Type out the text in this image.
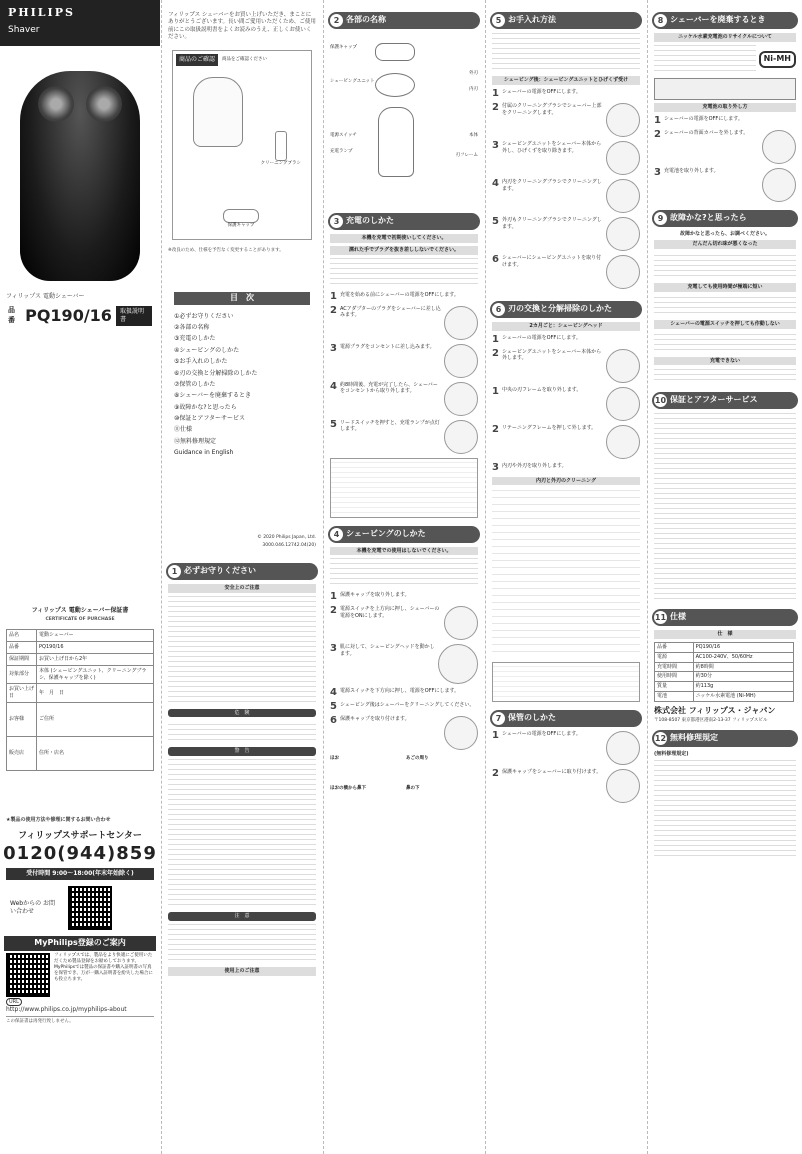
PHILIPS
Shaver
フィリップス 電動シェーバー
品番 PQ190/16	取扱説明書
フィリップス 電動シェーバー保証書
CERTIFICATE OF PURCHASE
品名	電動シェーバー
品番	PQ190/16
保証期間	お買い上げ日から2年
対象部分	本体 (シェービングユニット、クリーニングブラシ、保護キャップを除く)
お買い上げ日	年　月　日
お客様	ご住所
販売店	住所・店名
★製品の使用方法や修理に関するお問い合わせ
フィリップスサポートセンター
0120(944)859
受付時間 9:00〜18:00(年末年始除く)
Webからの お問い合わせ
MyPhilips登録のご案内
フィリップスでは、製品をより快適にご使用いただくため製品登録をお勧めしております。MyPhilipsでは製品の保証書や購入証明書の写真を保管でき、万が一購入証明書を紛失した場合にも役立ちます。
URL
http://www.philips.co.jp/myphilips-about
この保証書は再発行致しません。
フィリップス シェーバーをお買い上げいただき、まことにありがとうございます。長い間ご愛用いただくため、ご使用前にこの取扱説明書をよくお読みのうえ、正しくお使いください。
商品のご確認	商品をご確認ください
クリーニングブラシ
保護キャップ
※改良のため、仕様を予告なく変更することがあります。
目　次
①必ずお守りください
②各部の名称
③充電のしかた
④シェービングのしかた
⑤お手入れのしかた
⑥刃の交換と分解掃除のしかた
⑦保管のしかた
⑧シェーバーを廃棄するとき
⑨故障かな?と思ったら
⑩保証とアフターサービス
⑪仕様
⑫無料修理規定
Guidance in English
© 2020 Philips Japan, Ltd.
3000.046.12742.04(20)
1 必ずお守りください
安全上のご注意
危　険
警　告
注　意
使用上のご注意
2 各部の名称
保護キャップ
シェービングユニット
外刃
内刃
電源スイッチ
充電ランプ
本体
刃フレーム
3 充電のしかた
本機を充電で初期使いしてください。
濡れた手でプラグを抜き差ししないでください。
1 充電を始める前にシェーバーの電源をOFFにします。
2 ACアダプターのプラグをシェーバーに差し込みます。
3 電源プラグをコンセントに差し込みます。
4 約8時間後、充電が完了したら、シェーバーをコンセントから取り外します。
5 リードスイッチを押すと、充電ランプが点灯します。
4 シェービングのしかた
本機を充電での使用はしないでください。
1 保護キャップを取り外します。
2 電源スイッチを上方向に押し、シェーバーの電源をONにします。
3 肌に対して、シェービングヘッドを動かします。
4 電源スイッチを下方向に押し、電源をOFFにします。
5 シェービング後はシェーバーをクリーニングしてください。
6 保護キャップを取り付けます。
ほお	あごの周り
ほおの横から鼻下	鼻の下
5 お手入れ方法
シェービング後：シェービングユニットとひげくず受け
1 シェーバーの電源をOFFにします。
2 付属のクリーニングブラシでシェーバー上部をクリーニングします。
3 シェービングユニットをシェーバー本体から外し、ひげくずを取り除きます。
4 内刃をクリーニングブラシでクリーニングします。
5 外刃もクリーニングブラシでクリーニングします。
6 シェーバーにシェービングユニットを取り付けます。
6 刃の交換と分解掃除のしかた
2カ月ごと：シェービングヘッド
1 シェーバーの電源をOFFにします。
2 シェービングユニットをシェーバー本体から外します。
1 中央の刃フレームを取り外します。
2 リテーニングフレームを押して外します。
3 内刃や外刃を取り外します。
内刃と外刃のクリーニング
7 保管のしかた
1 シェーバーの電源をOFFにします。
2 保護キャップをシェーバーに取り付けます。
8 シェーバーを廃棄するとき
ニッケル水素充電池のリサイクルについて
Ni-MH
充電池の取り外し方
1 シェーバーの電源をOFFにします。
2 シェーバーの背面カバーを外します。
3 充電池を取り外します。
9 故障かな?と思ったら
故障かなと思ったら、お調べください。
だんだん切れ味が悪くなった
充電しても使用時間が極端に短い
シェーバーの電源スイッチを押しても作動しない
充電できない
10 保証とアフターサービス
11 仕様
仕　様
品番	PQ190/16
電源	AC100-240V、50/60Hz
充電時間	約8時間
使用時間	約30分
質量	約113g
電池	ニッケル水素電池 (Ni-MH)
株式会社 フィリップス・ジャパン
〒108-8507 東京都港区港南2-13-37 フィリップスビル
12 無料修理規定
(無料修理規定)
